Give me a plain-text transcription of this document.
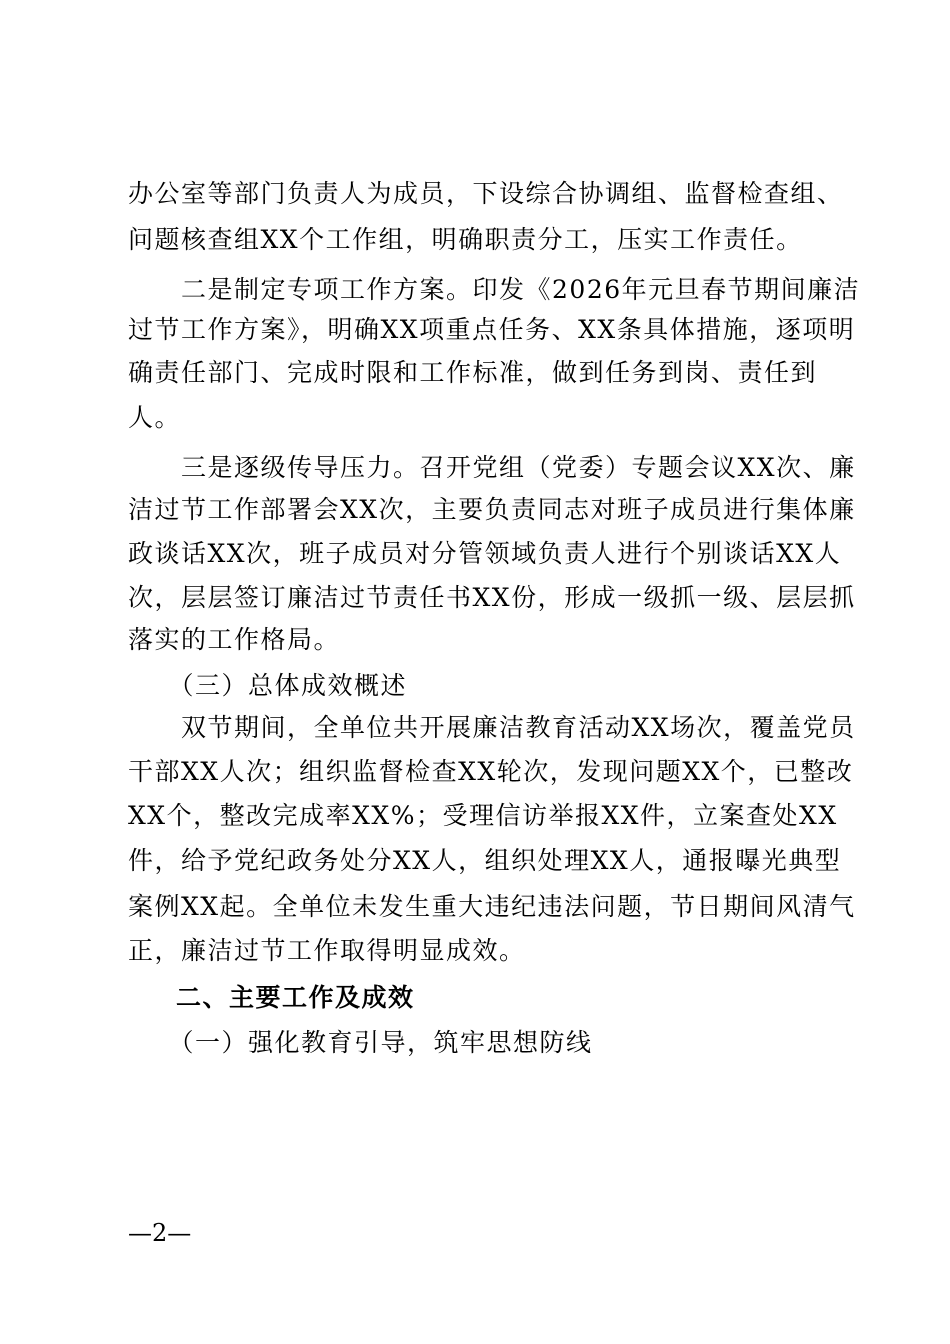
办公室等部门负责人为成员，下设综合协调组、监督检查组、
问题核查组XX个工作组，明确职责分工，压实工作责任。
　　二是制定专项工作方案。印发《2026年元旦春节期间廉洁
过节工作方案》，明确XX项重点任务、XX条具体措施，逐项明
确责任部门、完成时限和工作标准，做到任务到岗、责任到
人。
　　三是逐级传导压力。召开党组（党委）专题会议XX次、廉
洁过节工作部署会XX次，主要负责同志对班子成员进行集体廉
政谈话XX次，班子成员对分管领域负责人进行个别谈话XX人
次，层层签订廉洁过节责任书XX份，形成一级抓一级、层层抓
落实的工作格局。
　　（三）总体成效概述
　　双节期间，全单位共开展廉洁教育活动XX场次，覆盖党员
干部XX人次；组织监督检查XX轮次，发现问题XX个，已整改
XX个，整改完成率XX%；受理信访举报XX件，立案查处XX
件，给予党纪政务处分XX人，组织处理XX人，通报曝光典型
案例XX起。全单位未发生重大违纪违法问题，节日期间风清气
正，廉洁过节工作取得明显成效。
二、主要工作及成效
　　（一）强化教育引导，筑牢思想防线
—2—
